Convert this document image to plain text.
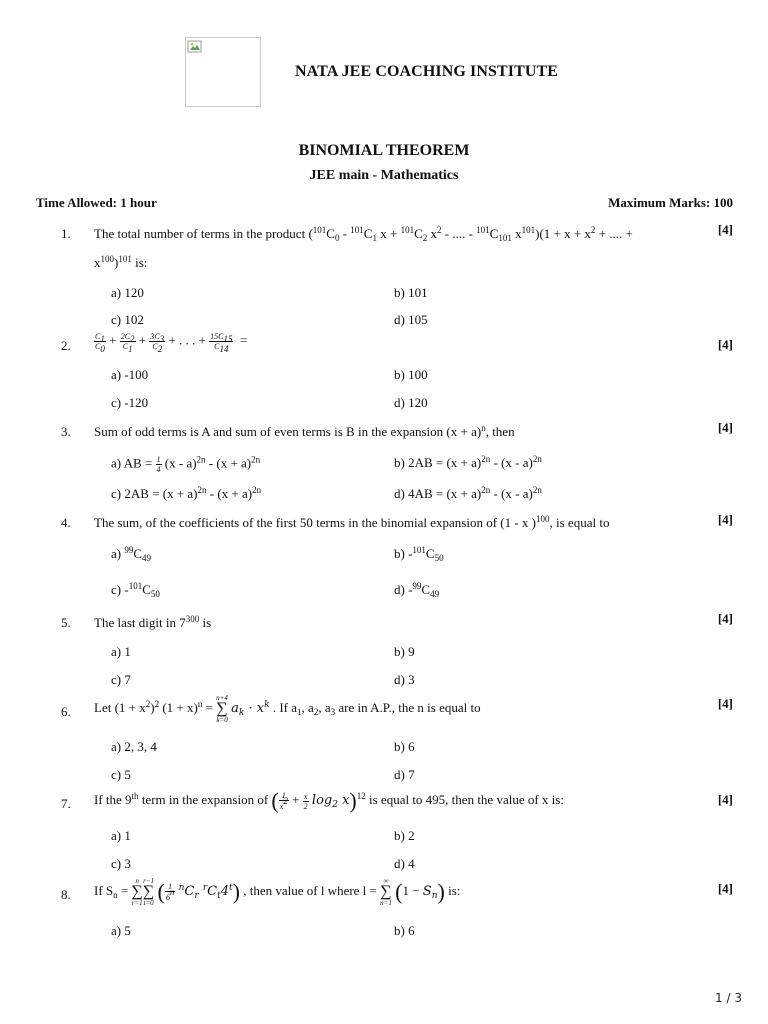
NATA JEE COACHING INSTITUTE
BINOMIAL THEOREM
JEE main - Mathematics
Time Allowed: 1 hour	Maximum Marks: 100
1. The total number of terms in the product ($^{101}C_0 - ^{101}C_1$ $x + ^{101}C_2$ $x^2$ - .... - $^{101}C_{101}$ $x^{101})(1 + x + x^2$ + .... +
$x^{100})^{101}$ is:
[4]
a) 120	b) 101
c) 102	d) 105
2.	$\frac{C_1}{C_0} + \frac{2C_2}{C_1} + \frac{3C_3}{C_2}$ + . . . + $\frac{15C_{15}}{C_{14}}$ =	[4]
a) -100	b) 100
c) -120	d) 120
3. Sum of odd terms is A and sum of even terms is B in the expansion $(x + a)^n$, then	[4]
a) AB = $\frac{1}{4} (x - a)^{2n} - (x + a)^{2n}$	b) $2AB = (x + a)^{2n} - (x - a)^{2n}$
c) $2AB = (x + a)^{2n} - (x + a)^{2n}$	d) $4AB = (x + a)^{2n} - (x - a)^{2n}$
4. The sum, of the coefficients of the first 50 terms in the binomial expansion of (1 - x )$^{100}$, is equal to	[4]
a) $^{99}C_{49}$	b) $-^{101}C_{50}$
c) $-^{101}C_{50}$	d) $-^{99}C_{49}$
5. The last digit in $7^{300}$ is	[4]
a) 1	b) 9
c) 7	d) 3
6. Let $(1 + x^2)^2$ $(1 + x)^n$ =
n+4
∑
k=0
$a_k \cdot x^k$ . If $a_1$, $a_2$, $a_3$ are in A.P., the n is equal to	[4]
a) 2, 3, 4	b) 6
c) 5	d) 7
7. If the 9th term in the expansion of ( $\frac{1}{x^2} + \frac{x}{2} \log_2 x)^{12}$ is equal to 495, then the value of x is:	[4]
a) 1	b) 2
c) 3	d) 4
8. If $S_n$ =
n
∑
r=1
r−1
∑
t=0 ( $\frac{1}{6^n} ^nC_r$ $^rC_t4^t$) , then value of l where l =
∞
∑
n=1 $(1 - S_n)$ is:	[4]
a) 5	b) 6
1 / 3
